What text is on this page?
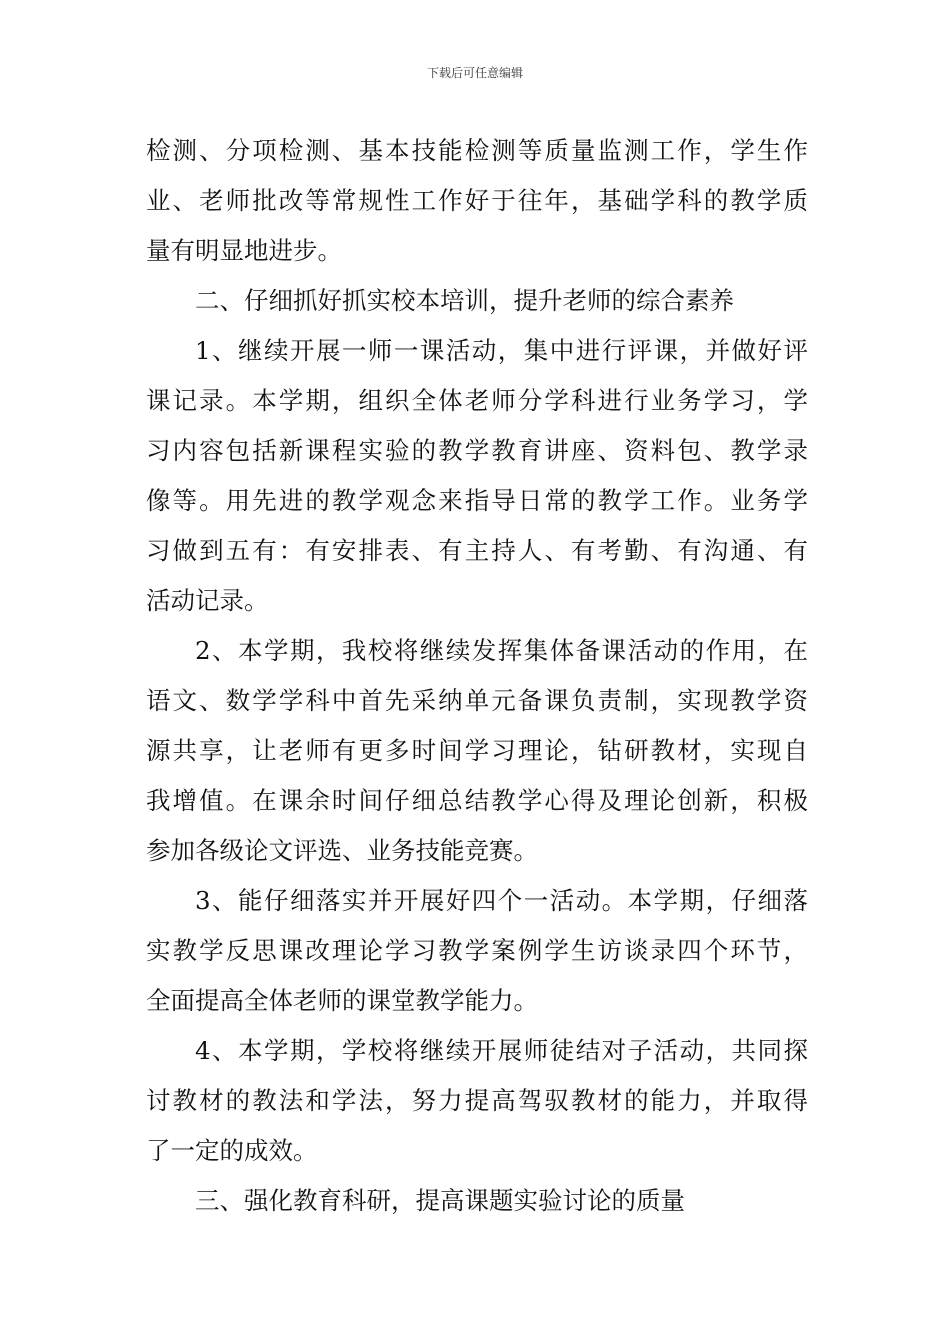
下载后可任意编辑
检测、分项检测、基本技能检测等质量监测工作，学生作
业、老师批改等常规性工作好于往年，基础学科的教学质
量有明显地进步。
二、仔细抓好抓实校本培训，提升老师的综合素养
1、继续开展一师一课活动，集中进行评课，并做好评
课记录。本学期，组织全体老师分学科进行业务学习，学
习内容包括新课程实验的教学教育讲座、资料包、教学录
像等。用先进的教学观念来指导日常的教学工作。业务学
习做到五有：有安排表、有主持人、有考勤、有沟通、有
活动记录。
2、本学期，我校将继续发挥集体备课活动的作用，在
语文、数学学科中首先采纳单元备课负责制，实现教学资
源共享，让老师有更多时间学习理论，钻研教材，实现自
我增值。在课余时间仔细总结教学心得及理论创新，积极
参加各级论文评选、业务技能竞赛。
3、能仔细落实并开展好四个一活动。本学期，仔细落
实教学反思课改理论学习教学案例学生访谈录四个环节，
全面提高全体老师的课堂教学能力。
4、本学期，学校将继续开展师徒结对子活动，共同探
讨教材的教法和学法，努力提高驾驭教材的能力，并取得
了一定的成效。
三、强化教育科研，提高课题实验讨论的质量
